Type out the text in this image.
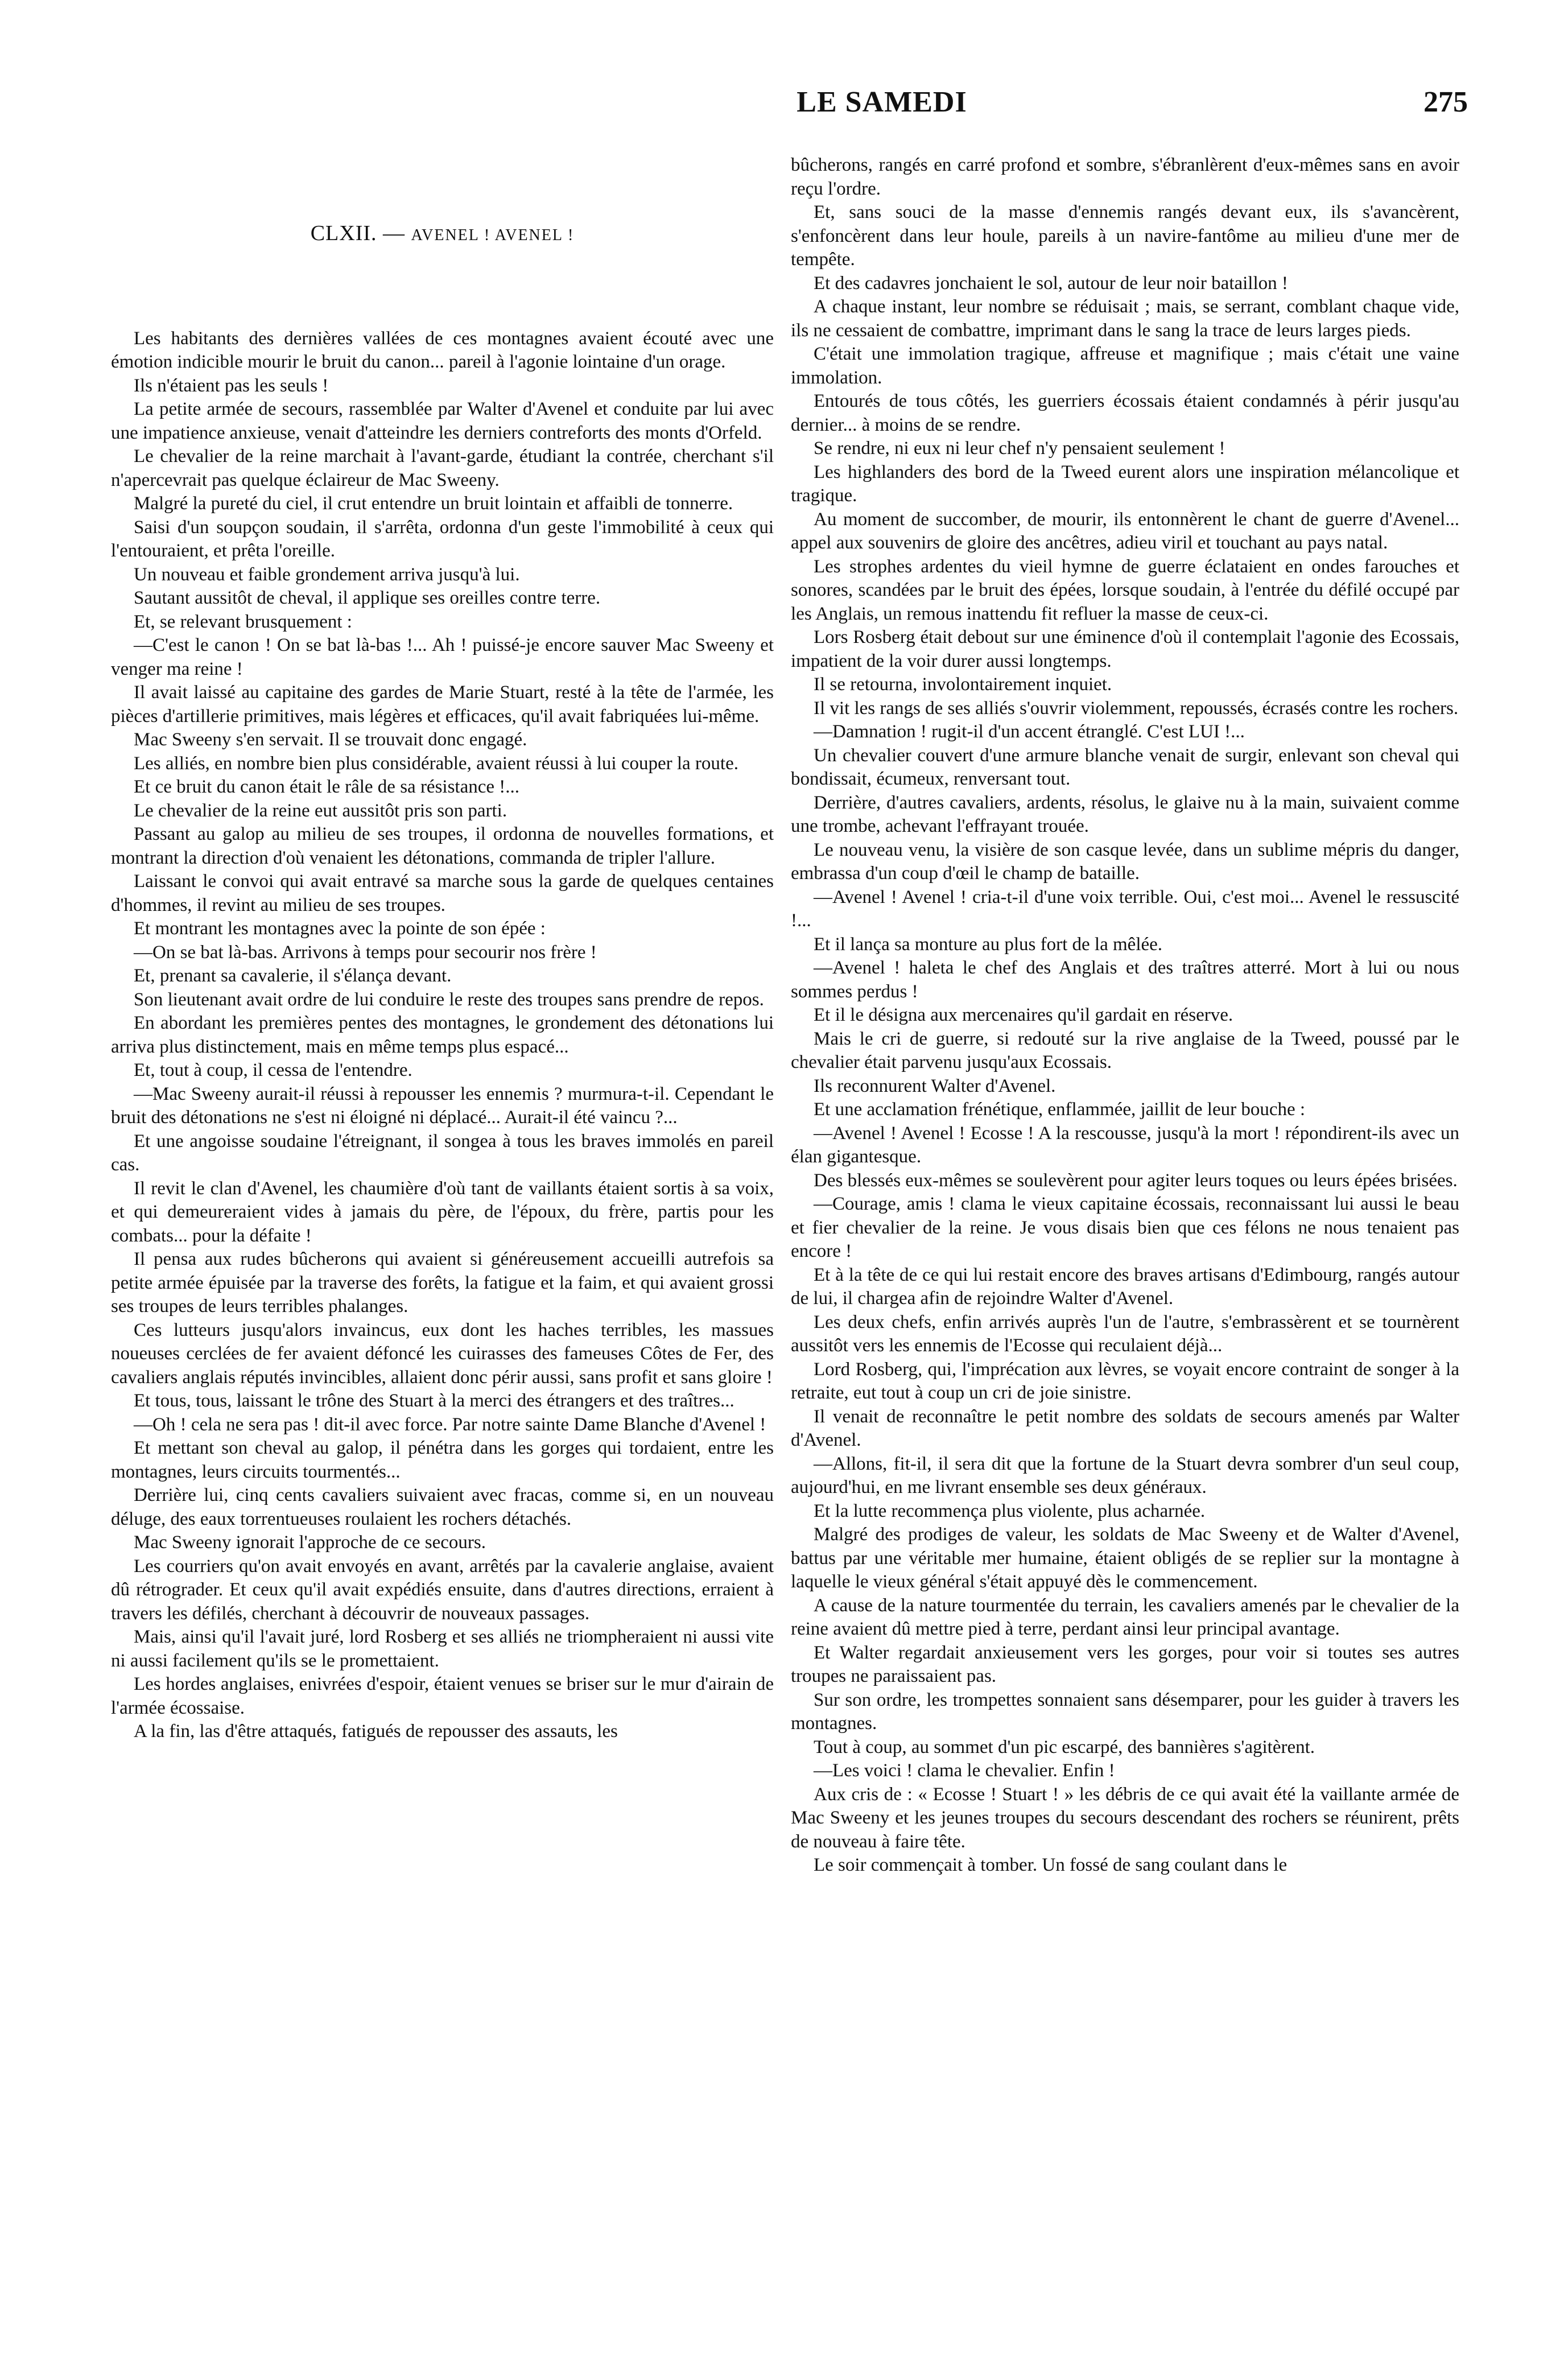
LE SAMEDI	275
CLXII. — AVENEL ! AVENEL !

Les habitants des dernières vallées de ces montagnes avaient écouté avec une émotion indicible mourir le bruit du canon... pareil à l'agonie lointaine d'un orage.

Ils n'étaient pas les seuls !

La petite armée de secours, rassemblée par Walter d'Avenel et conduite par lui avec une impatience anxieuse, venait d'atteindre les derniers contreforts des monts d'Orfeld.

Le chevalier de la reine marchait à l'avant-garde, étudiant la contrée, cherchant s'il n'apercevrait pas quelque éclaireur de Mac Sweeny.

Malgré la pureté du ciel, il crut entendre un bruit lointain et affaibli de tonnerre.

Saisi d'un soupçon soudain, il s'arrêta, ordonna d'un geste l'immobilité à ceux qui l'entouraient, et prêta l'oreille.

Un nouveau et faible grondement arriva jusqu'à lui.

Sautant aussitôt de cheval, il applique ses oreilles contre terre.

Et, se relevant brusquement :

—C'est le canon ! On se bat là-bas !... Ah ! puissé-je encore sauver Mac Sweeny et venger ma reine !

Il avait laissé au capitaine des gardes de Marie Stuart, resté à la tête de l'armée, les pièces d'artillerie primitives, mais légères et efficaces, qu'il avait fabriquées lui-même.

Mac Sweeny s'en servait. Il se trouvait donc engagé.

Les alliés, en nombre bien plus considérable, avaient réussi à lui couper la route.

Et ce bruit du canon était le râle de sa résistance !...

Le chevalier de la reine eut aussitôt pris son parti.

Passant au galop au milieu de ses troupes, il ordonna de nouvelles formations, et montrant la direction d'où venaient les détonations, commanda de tripler l'allure.

Laissant le convoi qui avait entravé sa marche sous la garde de quelques centaines d'hommes, il revint au milieu de ses troupes.

Et montrant les montagnes avec la pointe de son épée :

—On se bat là-bas. Arrivons à temps pour secourir nos frère !

Et, prenant sa cavalerie, il s'élança devant.

Son lieutenant avait ordre de lui conduire le reste des troupes sans prendre de repos.

En abordant les premières pentes des montagnes, le grondement des détonations lui arriva plus distinctement, mais en même temps plus espacé...

Et, tout à coup, il cessa de l'entendre.

—Mac Sweeny aurait-il réussi à repousser les ennemis ? murmura-t-il. Cependant le bruit des détonations ne s'est ni éloigné ni déplacé... Aurait-il été vaincu ?...

Et une angoisse soudaine l'étreignant, il songea à tous les braves immolés en pareil cas.

Il revit le clan d'Avenel, les chaumière d'où tant de vaillants étaient sortis à sa voix, et qui demeureraient vides à jamais du père, de l'époux, du frère, partis pour les combats... pour la défaite !

Il pensa aux rudes bûcherons qui avaient si généreusement accueilli autrefois sa petite armée épuisée par la traverse des forêts, la fatigue et la faim, et qui avaient grossi ses troupes de leurs terribles phalanges.

Ces lutteurs jusqu'alors invaincus, eux dont les haches terribles, les massues noueuses cerclées de fer avaient défoncé les cuirasses des fameuses Côtes de Fer, des cavaliers anglais réputés invincibles, allaient donc périr aussi, sans profit et sans gloire !

Et tous, tous, laissant le trône des Stuart à la merci des étrangers et des traîtres...

—Oh ! cela ne sera pas ! dit-il avec force. Par notre sainte Dame Blanche d'Avenel !

Et mettant son cheval au galop, il pénétra dans les gorges qui tordaient, entre les montagnes, leurs circuits tourmentés...

Derrière lui, cinq cents cavaliers suivaient avec fracas, comme si, en un nouveau déluge, des eaux torrentueuses roulaient les rochers détachés.

Mac Sweeny ignorait l'approche de ce secours.

Les courriers qu'on avait envoyés en avant, arrêtés par la cavalerie anglaise, avaient dû rétrograder. Et ceux qu'il avait expédiés ensuite, dans d'autres directions, erraient à travers les défilés, cherchant à découvrir de nouveaux passages.

Mais, ainsi qu'il l'avait juré, lord Rosberg et ses alliés ne triompheraient ni aussi vite ni aussi facilement qu'ils se le promettaient.

Les hordes anglaises, enivrées d'espoir, étaient venues se briser sur le mur d'airain de l'armée écossaise.

A la fin, las d'être attaqués, fatigués de repousser des assauts, les

bûcherons, rangés en carré profond et sombre, s'ébranlèrent d'eux-mêmes sans en avoir reçu l'ordre.

Et, sans souci de la masse d'ennemis rangés devant eux, ils s'avancèrent, s'enfoncèrent dans leur houle, pareils à un navire-fantôme au milieu d'une mer de tempête.

Et des cadavres jonchaient le sol, autour de leur noir bataillon !

A chaque instant, leur nombre se réduisait ; mais, se serrant, comblant chaque vide, ils ne cessaient de combattre, imprimant dans le sang la trace de leurs larges pieds.

C'était une immolation tragique, affreuse et magnifique ; mais c'était une vaine immolation.

Entourés de tous côtés, les guerriers écossais étaient condamnés à périr jusqu'au dernier... à moins de se rendre.

Se rendre, ni eux ni leur chef n'y pensaient seulement !

Les highlanders des bord de la Tweed eurent alors une inspiration mélancolique et tragique.

Au moment de succomber, de mourir, ils entonnèrent le chant de guerre d'Avenel... appel aux souvenirs de gloire des ancêtres, adieu viril et touchant au pays natal.

Les strophes ardentes du vieil hymne de guerre éclataient en ondes farouches et sonores, scandées par le bruit des épées, lorsque soudain, à l'entrée du défilé occupé par les Anglais, un remous inattendu fit refluer la masse de ceux-ci.

Lors Rosberg était debout sur une éminence d'où il contemplait l'agonie des Ecossais, impatient de la voir durer aussi longtemps.

Il se retourna, involontairement inquiet.

Il vit les rangs de ses alliés s'ouvrir violemment, repoussés, écrasés contre les rochers.

—Damnation ! rugit-il d'un accent étranglé. C'est LUI !...

Un chevalier couvert d'une armure blanche venait de surgir, enlevant son cheval qui bondissait, écumeux, renversant tout.

Derrière, d'autres cavaliers, ardents, résolus, le glaive nu à la main, suivaient comme une trombe, achevant l'effrayant trouée.

Le nouveau venu, la visière de son casque levée, dans un sublime mépris du danger, embrassa d'un coup d'œil le champ de bataille.

—Avenel ! Avenel ! cria-t-il d'une voix terrible. Oui, c'est moi... Avenel le ressuscité !...

Et il lança sa monture au plus fort de la mêlée.

—Avenel ! haleta le chef des Anglais et des traîtres atterré. Mort à lui ou nous sommes perdus !

Et il le désigna aux mercenaires qu'il gardait en réserve.

Mais le cri de guerre, si redouté sur la rive anglaise de la Tweed, poussé par le chevalier était parvenu jusqu'aux Ecossais.

Ils reconnurent Walter d'Avenel.

Et une acclamation frénétique, enflammée, jaillit de leur bouche :

—Avenel ! Avenel ! Ecosse ! A la rescousse, jusqu'à la mort ! répondirent-ils avec un élan gigantesque.

Des blessés eux-mêmes se soulevèrent pour agiter leurs toques ou leurs épées brisées.

—Courage, amis ! clama le vieux capitaine écossais, reconnaissant lui aussi le beau et fier chevalier de la reine. Je vous disais bien que ces félons ne nous tenaient pas encore !

Et à la tête de ce qui lui restait encore des braves artisans d'Edimbourg, rangés autour de lui, il chargea afin de rejoindre Walter d'Avenel.

Les deux chefs, enfin arrivés auprès l'un de l'autre, s'embrassèrent et se tournèrent aussitôt vers les ennemis de l'Ecosse qui reculaient déjà...

Lord Rosberg, qui, l'imprécation aux lèvres, se voyait encore contraint de songer à la retraite, eut tout à coup un cri de joie sinistre.

Il venait de reconnaître le petit nombre des soldats de secours amenés par Walter d'Avenel.

—Allons, fit-il, il sera dit que la fortune de la Stuart devra sombrer d'un seul coup, aujourd'hui, en me livrant ensemble ses deux généraux.

Et la lutte recommença plus violente, plus acharnée.

Malgré des prodiges de valeur, les soldats de Mac Sweeny et de Walter d'Avenel, battus par une véritable mer humaine, étaient obligés de se replier sur la montagne à laquelle le vieux général s'était appuyé dès le commencement.

A cause de la nature tourmentée du terrain, les cavaliers amenés par le chevalier de la reine avaient dû mettre pied à terre, perdant ainsi leur principal avantage.

Et Walter regardait anxieusement vers les gorges, pour voir si toutes ses autres troupes ne paraissaient pas.

Sur son ordre, les trompettes sonnaient sans désemparer, pour les guider à travers les montagnes.

Tout à coup, au sommet d'un pic escarpé, des bannières s'agitèrent.

—Les voici ! clama le chevalier. Enfin !

Aux cris de : « Ecosse ! Stuart ! » les débris de ce qui avait été la vaillante armée de Mac Sweeny et les jeunes troupes du secours descendant des rochers se réunirent, prêts de nouveau à faire tête.

Le soir commençait à tomber. Un fossé de sang coulant dans le
